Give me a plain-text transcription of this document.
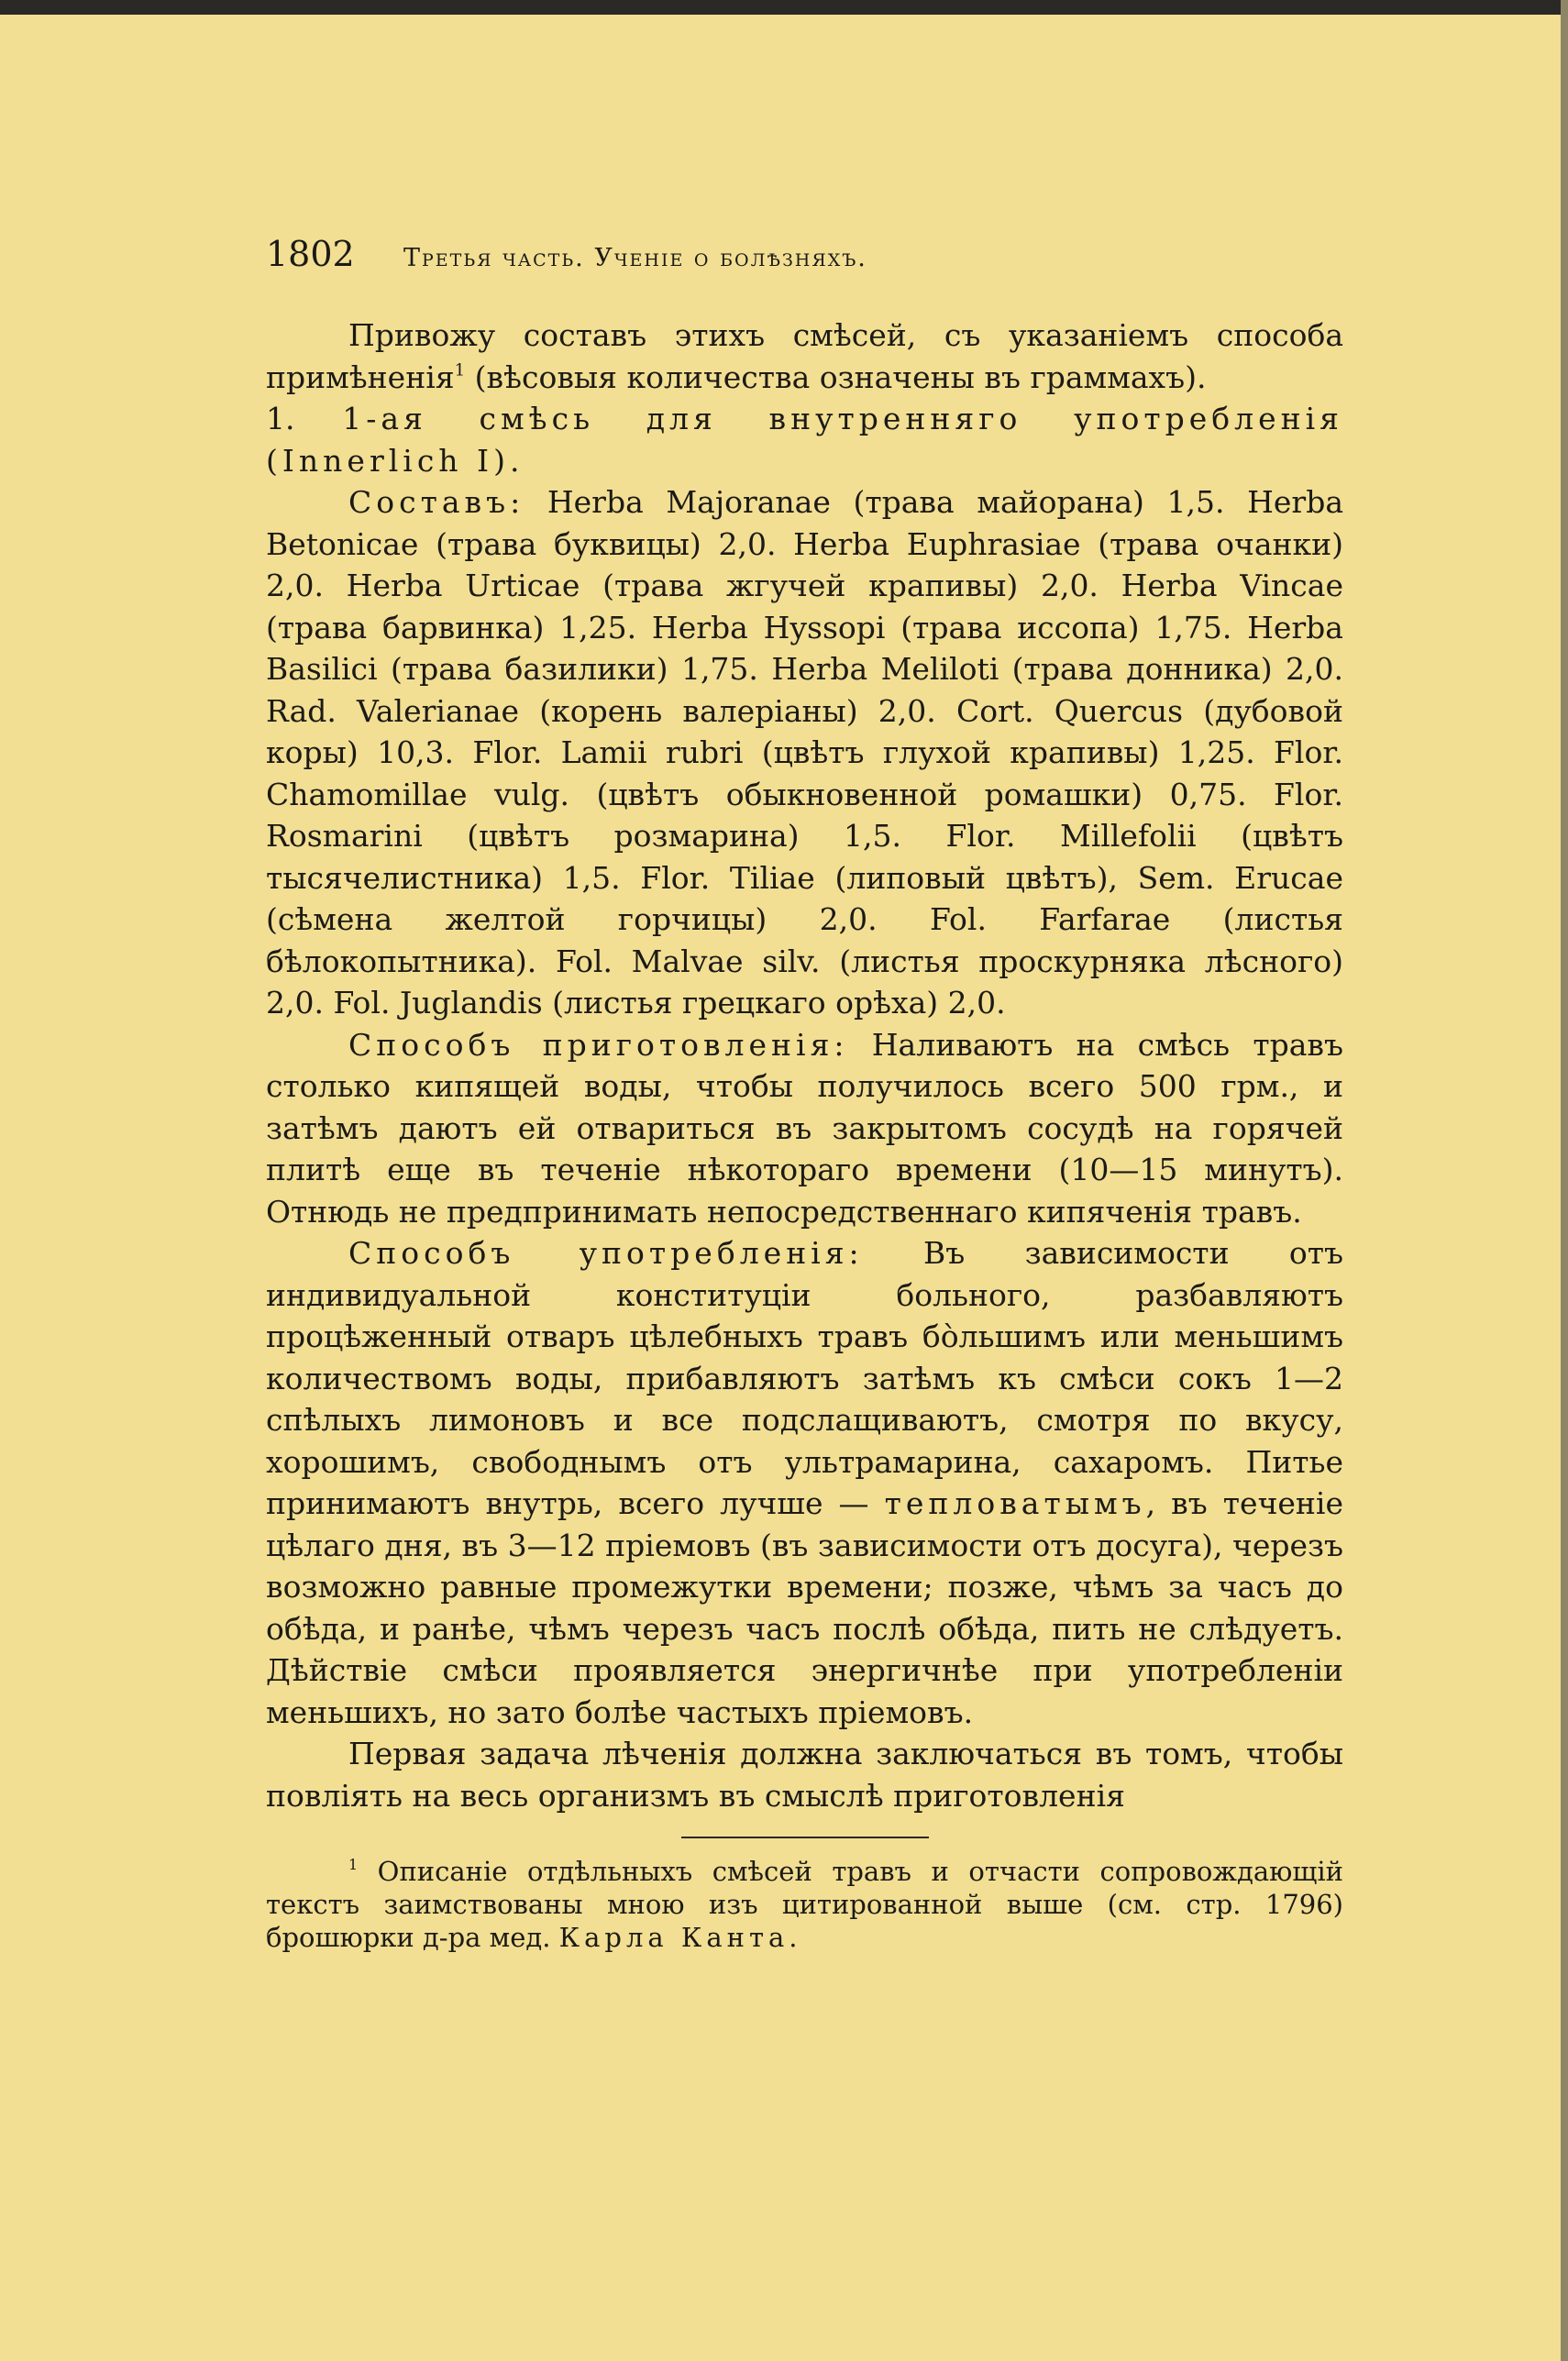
1802	Третья часть. Ученiе о болѣзняхъ.

Привожу составъ этихъ смѣсей, съ указанiемъ способа примѣненiя$^1$ (вѣсовыя количества означены въ граммахъ).

1. 1-ая смѣсь для внутренняго употребленiя (Innerlich I).

Составъ: Herba Majoranae (трава майорана) 1,5. Herba Betonicae (трава буквицы) 2,0. Herba Euphrasiae (трава очанки) 2,0. Herba Urticae (трава жгучей крапивы) 2,0. Herba Vincae (трава барвинка) 1,25. Herba Hyssopi (трава иссопа) 1,75. Herba Basilici (трава базилики) 1,75. Herba Meliloti (трава донника) 2,0. Rad. Valerianae (корень валерiаны) 2,0. Cort. Quercus (дубовой коры) 10,3. Flor. Lamii rubri (цвѣтъ глухой крапивы) 1,25. Flor. Chamomillae vulg. (цвѣтъ обыкновенной ромашки) 0,75. Flor. Rosmarini (цвѣтъ розмарина) 1,5. Flor. Millefolii (цвѣтъ тысячелистника) 1,5. Flor. Tiliae (липовый цвѣтъ), Sem. Erucae (сѣмена желтой горчицы) 2,0. Fol. Farfarae (листья бѣлокопытника). Fol. Malvae silv. (листья проскурняка лѣсного) 2,0. Fol. Juglandis (листья грецкаго орѣха) 2,0.

Способъ приготовленiя: Наливаютъ на смѣсь травъ столько кипящей воды, чтобы получилось всего 500 грм., и затѣмъ даютъ ей отвариться въ закрытомъ сосудѣ на горячей плитѣ еще въ теченiе нѣкотораго времени (10—15 минутъ). Отнюдь не предпринимать непосредственнаго кипяченiя травъ.

Способъ употребленiя: Въ зависимости отъ индивидуальной конституцiи больного, разбавляютъ процѣженный отваръ цѣлебныхъ травъ бо̀льшимъ или меньшимъ количествомъ воды, прибавляютъ затѣмъ къ смѣси сокъ 1—2 спѣлыхъ лимоновъ и все подслащиваютъ, смотря по вкусу, хорошимъ, свободнымъ отъ ультрамарина, сахаромъ. Питье принимаютъ внутрь, всего лучше — тепловатымъ, въ теченiе цѣлаго дня, въ 3—12 прiемовъ (въ зависимости отъ досуга), черезъ возможно равные промежутки времени; позже, чѣмъ за часъ до обѣда, и ранѣе, чѣмъ черезъ часъ послѣ обѣда, пить не слѣдуетъ. Дѣйствiе смѣси проявляется энергичнѣе при употребленiи меньшихъ, но зато болѣе частыхъ прiемовъ.

Первая задача лѣченiя должна заключаться въ томъ, чтобы повлiять на весь организмъ въ смыслѣ приготовленiя

$^1$ Описанiе отдѣльныхъ смѣсей травъ и отчасти сопровождающiй текстъ заимствованы мною изъ цитированной выше (см. стр. 1796) брошюрки д-ра мед. Карла Канта.
